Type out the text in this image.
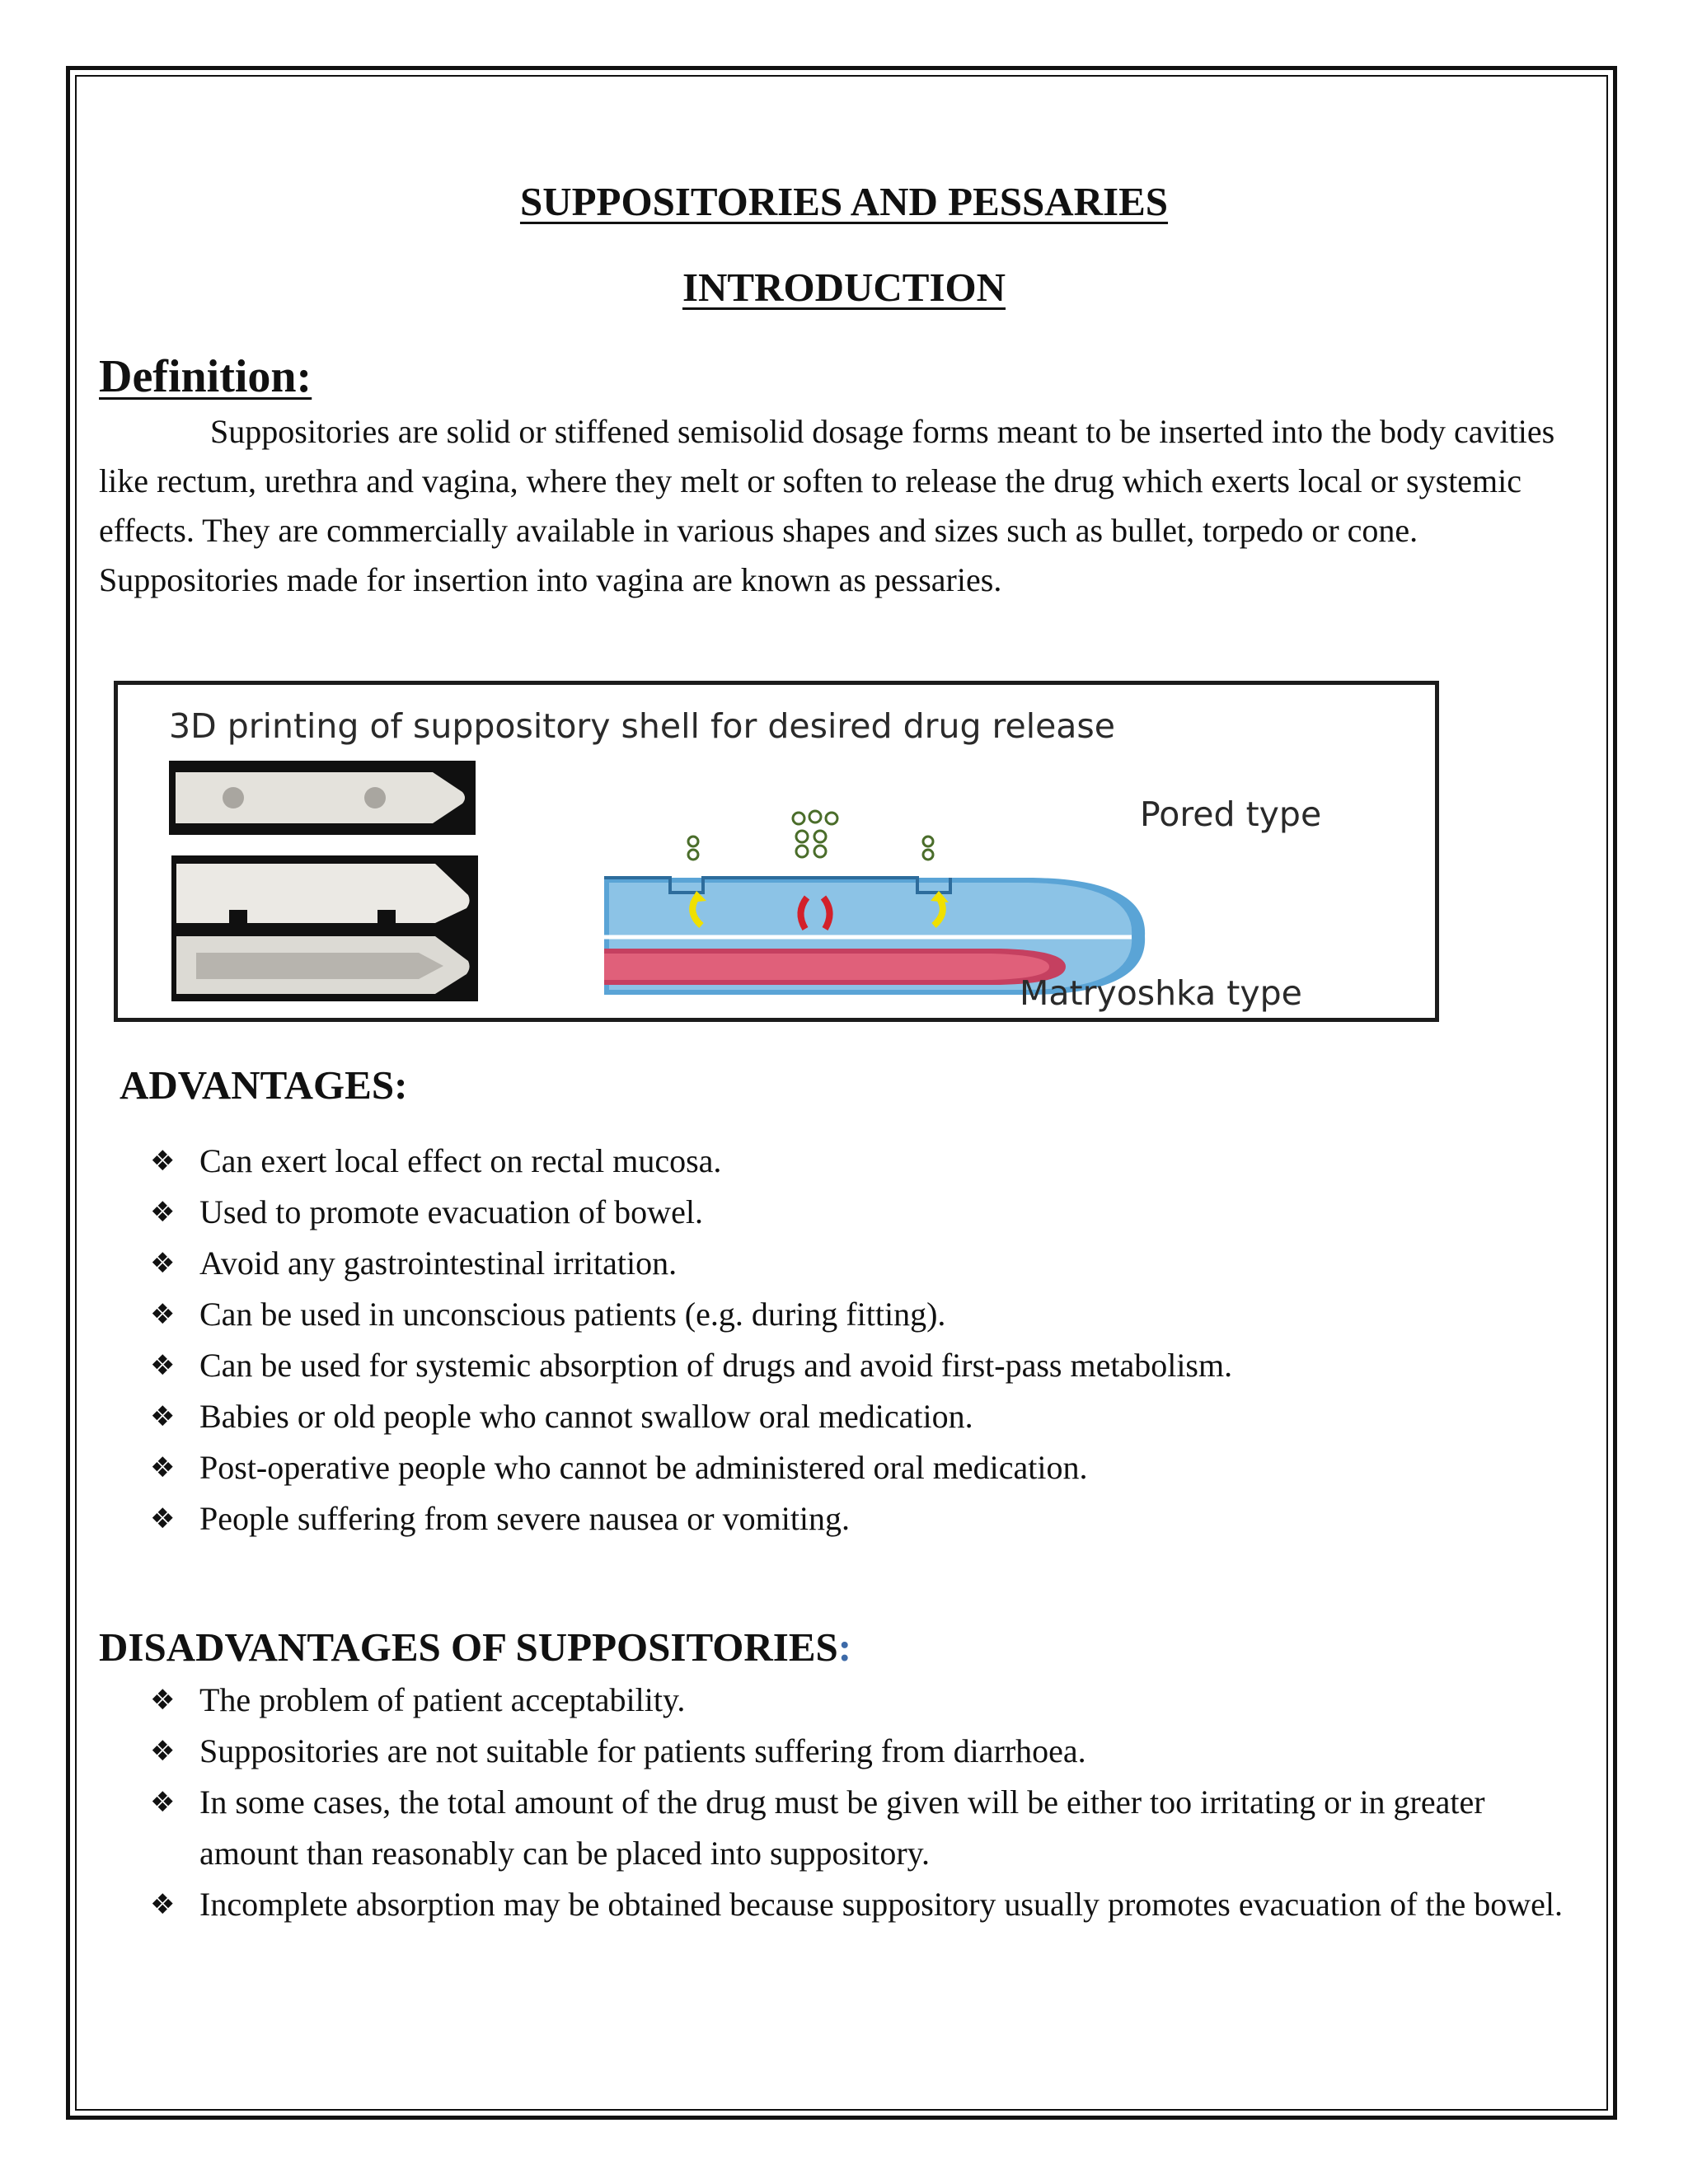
SUPPOSITORIES AND PESSARIES
INTRODUCTION
Definition:

Suppositories are solid or stiffened semisolid dosage forms meant to be inserted into the body cavities like rectum, urethra and vagina, where they melt or soften to release the drug which exerts local or systemic effects. They are commercially available in various shapes and sizes such as bullet, torpedo or cone. Suppositories made for insertion into vagina are known as pessaries.

3D printing of suppository shell for desired drug release

Pored type
Matryoshka type
ADVANTAGES:
❖ Can exert local effect on rectal mucosa.
❖ Used to promote evacuation of bowel.
❖ Avoid any gastrointestinal irritation.
❖ Can be used in unconscious patients (e.g. during fitting).
❖ Can be used for systemic absorption of drugs and avoid first-pass metabolism.
❖ Babies or old people who cannot swallow oral medication.
❖ Post-operative people who cannot be administered oral medication.
❖ People suffering from severe nausea or vomiting.
DISADVANTAGES OF SUPPOSITORIES:
❖ The problem of patient acceptability.
❖ Suppositories are not suitable for patients suffering from diarrhoea.
❖ In some cases, the total amount of the drug must be given will be either too irritating or in greater amount than reasonably can be placed into suppository.
❖ Incomplete absorption may be obtained because suppository usually promotes evacuation of the bowel.
